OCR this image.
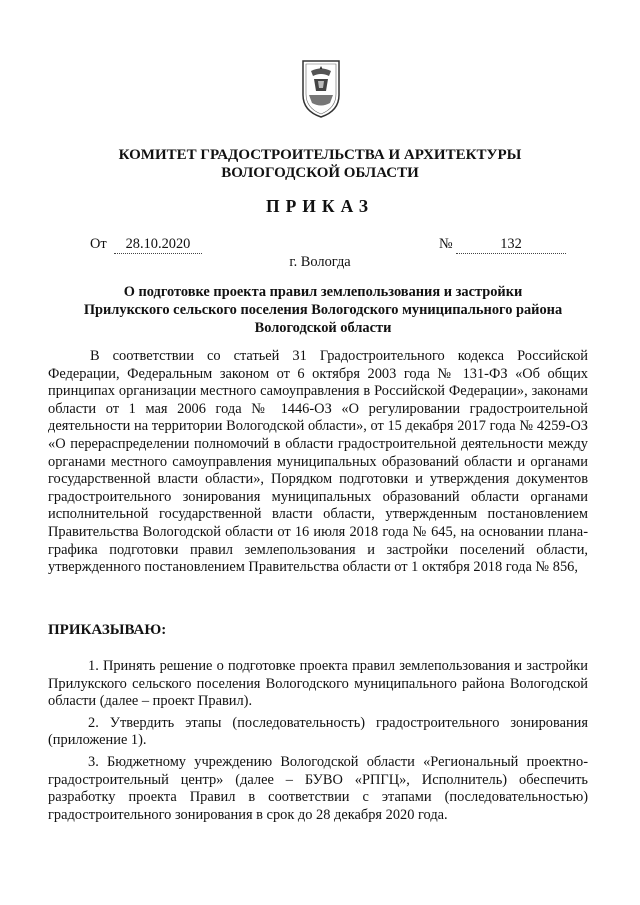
КОМИТЕТ ГРАДОСТРОИТЕЛЬСТВА И АРХИТЕКТУРЫ
ВОЛОГОДСКОЙ ОБЛАСТИ
ПРИКАЗ
От	28.10.2020	№	132
г. Вологда
О подготовке проекта правил землепользования и застройки
Прилукского сельского поселения Вологодского муниципального района
Вологодской области
В соответствии со статьей 31 Градостроительного кодекса Российской Федерации, Федеральным законом от 6 октября 2003 года № 131-ФЗ «Об общих принципах организации местного самоуправления в Российской Федерации», законами области от 1 мая 2006 года № 1446-ОЗ «О регулировании градостроительной деятельности на территории Вологодской области», от 15 декабря 2017 года № 4259-ОЗ «О перераспределении полномочий в области градостроительной деятельности между органами местного самоуправления муниципальных образований области и органами государственной власти области», Порядком подготовки и утверждения документов градостроительного зонирования муниципальных образований области органами исполнительной государственной власти области, утвержденным постановлением Правительства Вологодской области от 16 июля 2018 года № 645, на основании плана-графика подготовки правил землепользования и застройки поселений области, утвержденного постановлением Правительства области от 1 октября 2018 года № 856,
ПРИКАЗЫВАЮ:

1. Принять решение о подготовке проекта правил землепользования и застройки Прилукского сельского поселения Вологодского муниципального района Вологодской области (далее – проект Правил).

2. Утвердить этапы (последовательность) градостроительного зонирования (приложение 1).

3. Бюджетному учреждению Вологодской области «Региональный проектно-градостроительный центр» (далее – БУВО «РПГЦ», Исполнитель) обеспечить разработку проекта Правил в соответствии с этапами (последовательностью) градостроительного зонирования в срок до 28 декабря 2020 года.
